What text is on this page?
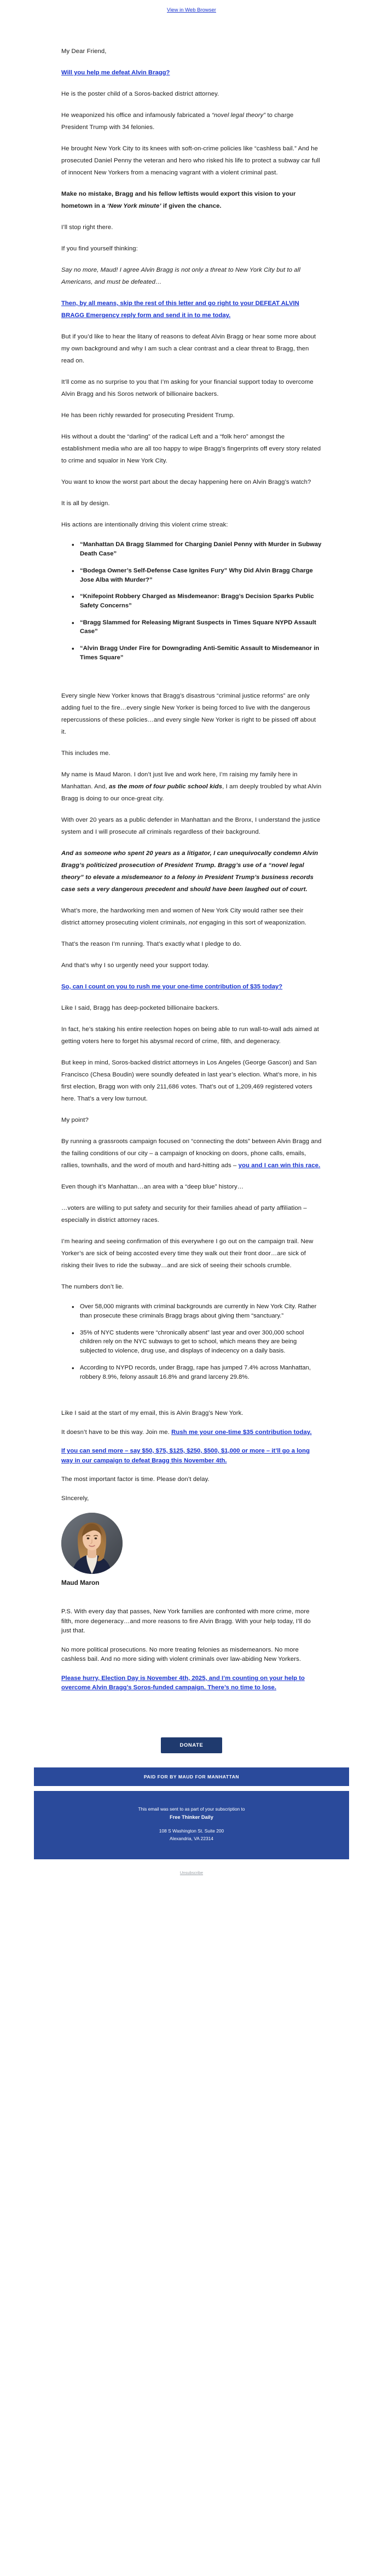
View in Web Browser

My Dear Friend,

Will you help me defeat Alvin Bragg?

He is the poster child of a Soros-backed district attorney.

He weaponized his office and infamously fabricated a “novel legal theory” to charge President Trump with 34 felonies.

He brought New York City to its knees with soft-on-crime policies like “cashless bail.” And he prosecuted Daniel Penny the veteran and hero who risked his life to protect a subway car full of innocent New Yorkers from a menacing vagrant with a violent criminal past.

Make no mistake, Bragg and his fellow leftists would export this vision to your hometown in a ‘New York minute’ if given the chance.

I’ll stop right there.

If you find yourself thinking:

Say no more, Maud! I agree Alvin Bragg is not only a threat to New York City but to all Americans, and must be defeated…

Then, by all means, skip the rest of this letter and go right to your DEFEAT ALVIN BRAGG Emergency reply form and send it in to me today.

But if you’d like to hear the litany of reasons to defeat Alvin Bragg or hear some more about my own background and why I am such a clear contrast and a clear threat to Bragg, then read on.

It’ll come as no surprise to you that I’m asking for your financial support today to overcome Alvin Bragg and his Soros network of billionaire backers.

He has been richly rewarded for prosecuting President Trump.

His without a doubt the “darling” of the radical Left and a “folk hero” amongst the establishment media who are all too happy to wipe Bragg’s fingerprints off every story related to crime and squalor in New York City.

You want to know the worst part about the decay happening here on Alvin Bragg’s watch?

It is all by design.

His actions are intentionally driving this violent crime streak:

• “Manhattan DA Bragg Slammed for Charging Daniel Penny with Murder in Subway Death Case”
• “Bodega Owner’s Self-Defense Case Ignites Fury” Why Did Alvin Bragg Charge Jose Alba with Murder?”
• “Knifepoint Robbery Charged as Misdemeanor: Bragg’s Decision Sparks Public Safety Concerns”
• “Bragg Slammed for Releasing Migrant Suspects in Times Square NYPD Assault Case”
• “Alvin Bragg Under Fire for Downgrading Anti-Semitic Assault to Misdemeanor in Times Square”

Every single New Yorker knows that Bragg’s disastrous “criminal justice reforms” are only adding fuel to the fire…every single New Yorker is being forced to live with the dangerous repercussions of these policies…and every single New Yorker is right to be pissed off about it.

This includes me.

My name is Maud Maron. I don’t just live and work here, I’m raising my family here in Manhattan. And, as the mom of four public school kids, I am deeply troubled by what Alvin Bragg is doing to our once-great city.

With over 20 years as a public defender in Manhattan and the Bronx, I understand the justice system and I will prosecute all criminals regardless of their background.

And as someone who spent 20 years as a litigator, I can unequivocally condemn Alvin Bragg’s politicized prosecution of President Trump. Bragg’s use of a “novel legal theory” to elevate a misdemeanor to a felony in President Trump’s business records case sets a very dangerous precedent and should have been laughed out of court.

What’s more, the hardworking men and women of New York City would rather see their district attorney prosecuting violent criminals, not engaging in this sort of weaponization.

That’s the reason I’m running. That’s exactly what I pledge to do.

And that’s why I so urgently need your support today.

So, can I count on you to rush me your one-time contribution of $35 today?

Like I said, Bragg has deep-pocketed billionaire backers.

In fact, he’s staking his entire reelection hopes on being able to run wall-to-wall ads aimed at getting voters here to forget his abysmal record of crime, filth, and degeneracy.

But keep in mind, Soros-backed district attorneys in Los Angeles (George Gascon) and San Francisco (Chesa Boudin) were soundly defeated in last year’s election. What’s more, in his first election, Bragg won with only 211,686 votes. That’s out of 1,209,469 registered voters here. That’s a very low turnout.

My point?

By running a grassroots campaign focused on “connecting the dots” between Alvin Bragg and the failing conditions of our city – a campaign of knocking on doors, phone calls, emails, rallies, townhalls, and the word of mouth and hard-hitting ads – you and I can win this race.

Even though it’s Manhattan…an area with a “deep blue” history…

…voters are willing to put safety and security for their families ahead of party affiliation – especially in district attorney races.

I’m hearing and seeing confirmation of this everywhere I go out on the campaign trail. New Yorker’s are sick of being accosted every time they walk out their front door…are sick of risking their lives to ride the subway…and are sick of seeing their schools crumble.

The numbers don’t lie.

• Over 58,000 migrants with criminal backgrounds are currently in New York City. Rather than prosecute these criminals Bragg brags about giving them “sanctuary.”
• 35% of NYC students were “chronically absent” last year and over 300,000 school children rely on the NYC subways to get to school, which means they are being subjected to violence, drug use, and displays of indecency on a daily basis.
• According to NYPD records, under Bragg, rape has jumped 7.4% across Manhattan, robbery 8.9%, felony assault 16.8% and grand larceny 29.8%.

Like I said at the start of my email, this is Alvin Bragg’s New York.

It doesn’t have to be this way. Join me. Rush me your one-time $35 contribution today.

If you can send more – say $50, $75, $125, $250, $500, $1,000 or more – it’ll go a long way in our campaign to defeat Bragg this November 4th.

The most important factor is time. Please don’t delay.

SIncerely,

Maud Maron

P.S. With every day that passes, New York families are confronted with more crime, more filth, more degeneracy…and more reasons to fire Alvin Bragg. With your help today, I’ll do just that.

No more political prosecutions. No more treating felonies as misdemeanors. No more cashless bail. And no more siding with violent criminals over law-abiding New Yorkers.

Please hurry, Election Day is November 4th, 2025, and I’m counting on your help to overcome Alvin Bragg’s Soros-funded campaign. There’s no time to lose.

DONATE
PAID FOR BY MAUD FOR MANHATTAN
This email was sent to as part of your subscription to
Free Thinker Daily
108 S Washington St. Suite 200
Alexandria, VA 22314
Unsubscribe
